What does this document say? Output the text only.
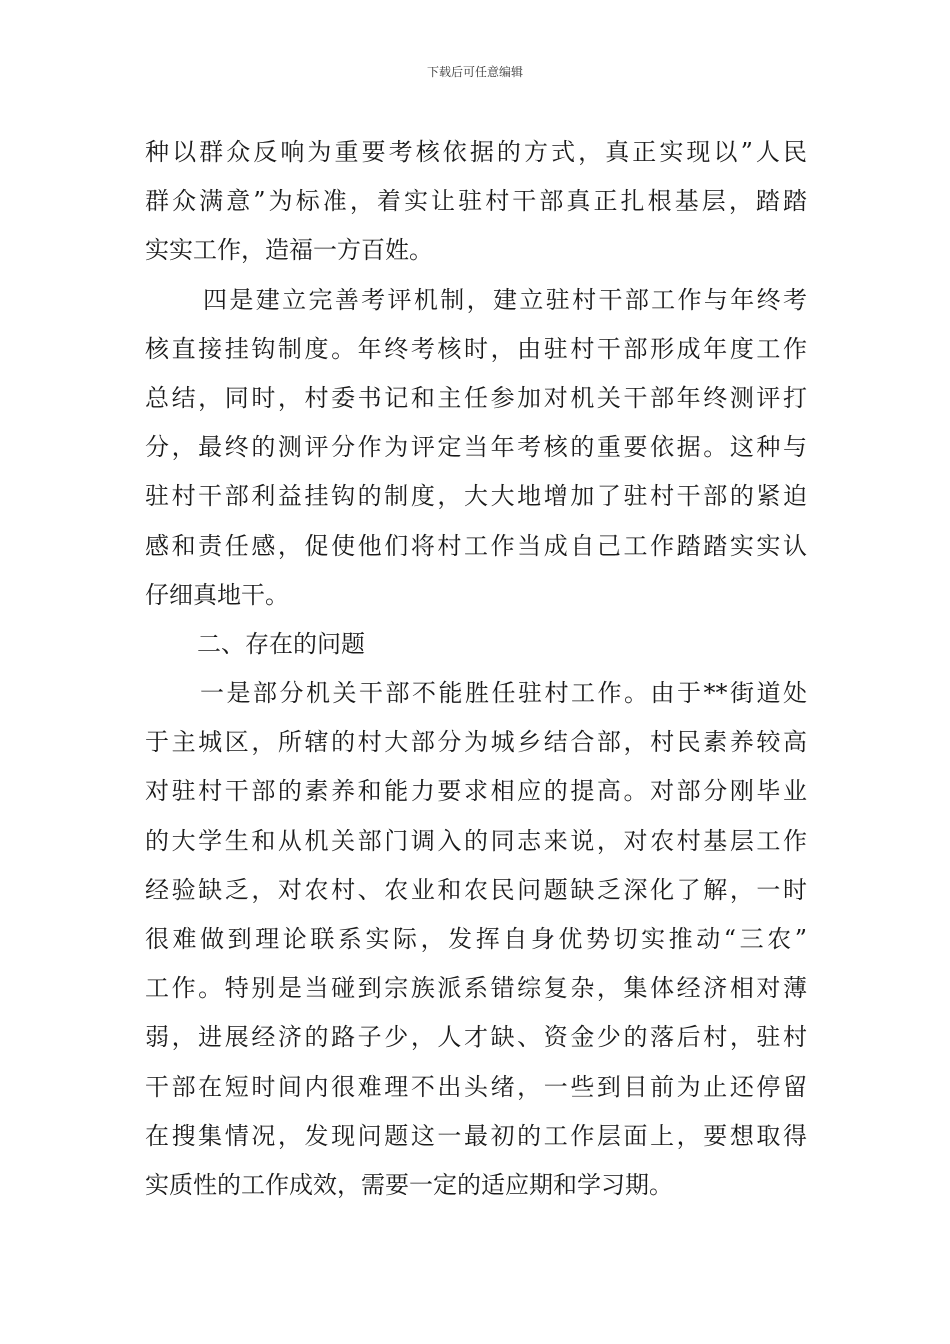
下载后可任意编辑
种以群众反响为重要考核依据的方式，真正实现以”人民
群众满意”为标准，着实让驻村干部真正扎根基层，踏踏
实实工作，造福一方百姓。
四是建立完善考评机制，建立驻村干部工作与年终考
核直接挂钩制度。年终考核时，由驻村干部形成年度工作
总结，同时，村委书记和主任参加对机关干部年终测评打
分，最终的测评分作为评定当年考核的重要依据。这种与
驻村干部利益挂钩的制度，大大地增加了驻村干部的紧迫
感和责任感，促使他们将村工作当成自己工作踏踏实实认
仔细真地干。
二、存在的问题
一是部分机关干部不能胜任驻村工作。由于**街道处
于主城区，所辖的村大部分为城乡结合部，村民素养较高
对驻村干部的素养和能力要求相应的提高。对部分刚毕业
的大学生和从机关部门调入的同志来说，对农村基层工作
经验缺乏，对农村、农业和农民问题缺乏深化了解，一时
很难做到理论联系实际，发挥自身优势切实推动“三农”
工作。特别是当碰到宗族派系错综复杂，集体经济相对薄
弱，进展经济的路子少，人才缺、资金少的落后村，驻村
干部在短时间内很难理不出头绪，一些到目前为止还停留
在搜集情况，发现问题这一最初的工作层面上，要想取得
实质性的工作成效，需要一定的适应期和学习期。
